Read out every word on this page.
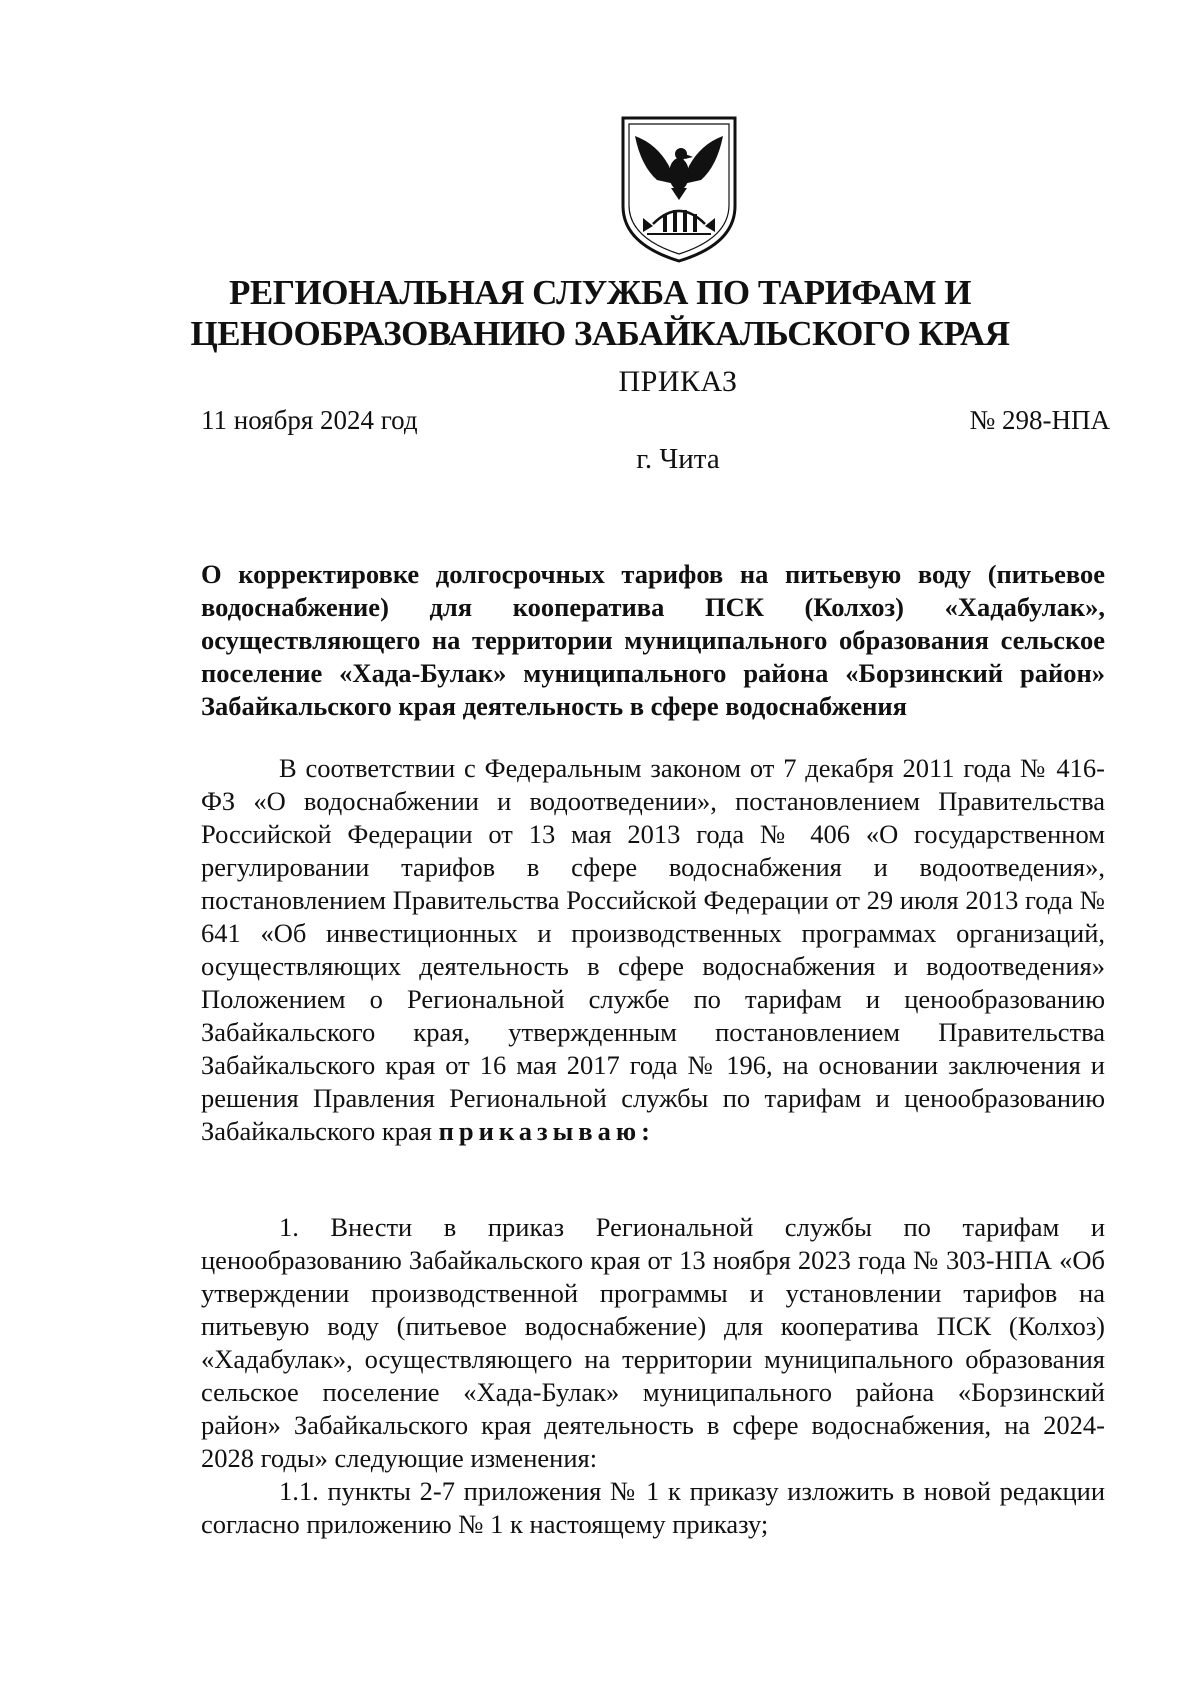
РЕГИОНАЛЬНАЯ СЛУЖБА ПО ТАРИФАМ И ЦЕНООБРАЗОВАНИЮ ЗАБАЙКАЛЬСКОГО КРАЯ
ПРИКАЗ
11 ноября 2024 год	№ 298-НПА
г. Чита
О корректировке долгосрочных тарифов на питьевую воду (питьевое водоснабжение) для кооператива ПСК (Колхоз) «Хадабулак», осуществляющего на территории муниципального образования сельское поселение «Хада-Булак» муниципального района «Борзинский район» Забайкальского края деятельность в сфере водоснабжения

В соответствии с Федеральным законом от 7 декабря 2011 года № 416-ФЗ «О водоснабжении и водоотведении», постановлением Правительства Российской Федерации от 13 мая 2013 года № 406 «О государственном регулировании тарифов в сфере водоснабжения и водоотведения», постановлением Правительства Российской Федерации от 29 июля 2013 года № 641 «Об инвестиционных и производственных программах организаций, осуществляющих деятельность в сфере водоснабжения и водоотведения» Положением о Региональной службе по тарифам и ценообразованию Забайкальского края, утвержденным постановлением Правительства Забайкальского края от 16 мая 2017 года № 196, на основании заключения и решения Правления Региональной службы по тарифам и ценообразованию Забайкальского края приказываю:

1. Внести в приказ Региональной службы по тарифам и ценообразованию Забайкальского края от 13 ноября 2023 года № 303-НПА «Об утверждении производственной программы и установлении тарифов на питьевую воду (питьевое водоснабжение) для кооператива ПСК (Колхоз) «Хадабулак», осуществляющего на территории муниципального образования сельское поселение «Хада-Булак» муниципального района «Борзинский район» Забайкальского края деятельность в сфере водоснабжения, на 2024-2028 годы» следующие изменения:

1.1. пункты 2-7 приложения № 1 к приказу изложить в новой редакции согласно приложению № 1 к настоящему приказу;
